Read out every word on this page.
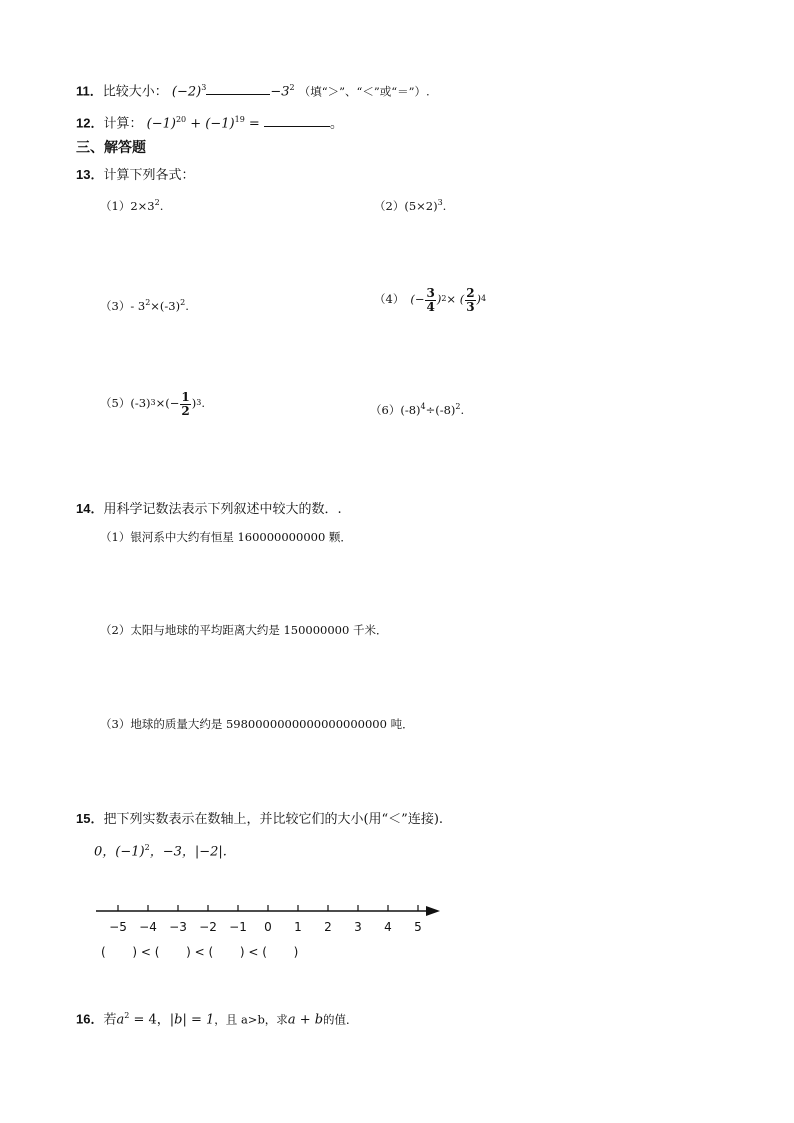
11．比较大小： $(-2)^3$	$-3^2$ （填“＞”、“＜”或“＝”）.
12．计算： $(-1)^{20} + (-1)^{19}$ =	。
三、解答题
13．计算下列各式：
$(1)2\times 3^2$.	$(2)(5\times 2)^3$.
（3）- $3^2\times(-3)^2$.	（4） (− $\frac{3}{4}$ ) 2 × ( $\frac{2}{3}$ ) 4
（5） (-3) 3 ×(− $\frac{1}{2}$ ) 3 .	$(6)(-8)^4\div(-8)^2$.
14．用科学记数法表示下列叙述中较大的数．.
（1）银河系中大约有恒星 160000000000 颗．
（2）太阳与地球的平均距离大约是 150000000 千米．
（3）地球的质量大约是 5980000000000000000000 吨．
15．把下列实数表示在数轴上，并比较它们的大小(用“＜”连接).
0，$(-1)^2$，−3，|−2|.
−5 −4 −3 −2 −1 0 1 2 3 4 5
(       ) < (       ) < (       ) < (       )
16．若$a^2 = 4$，|b| = 1，且 a>b，求a + b的值．
